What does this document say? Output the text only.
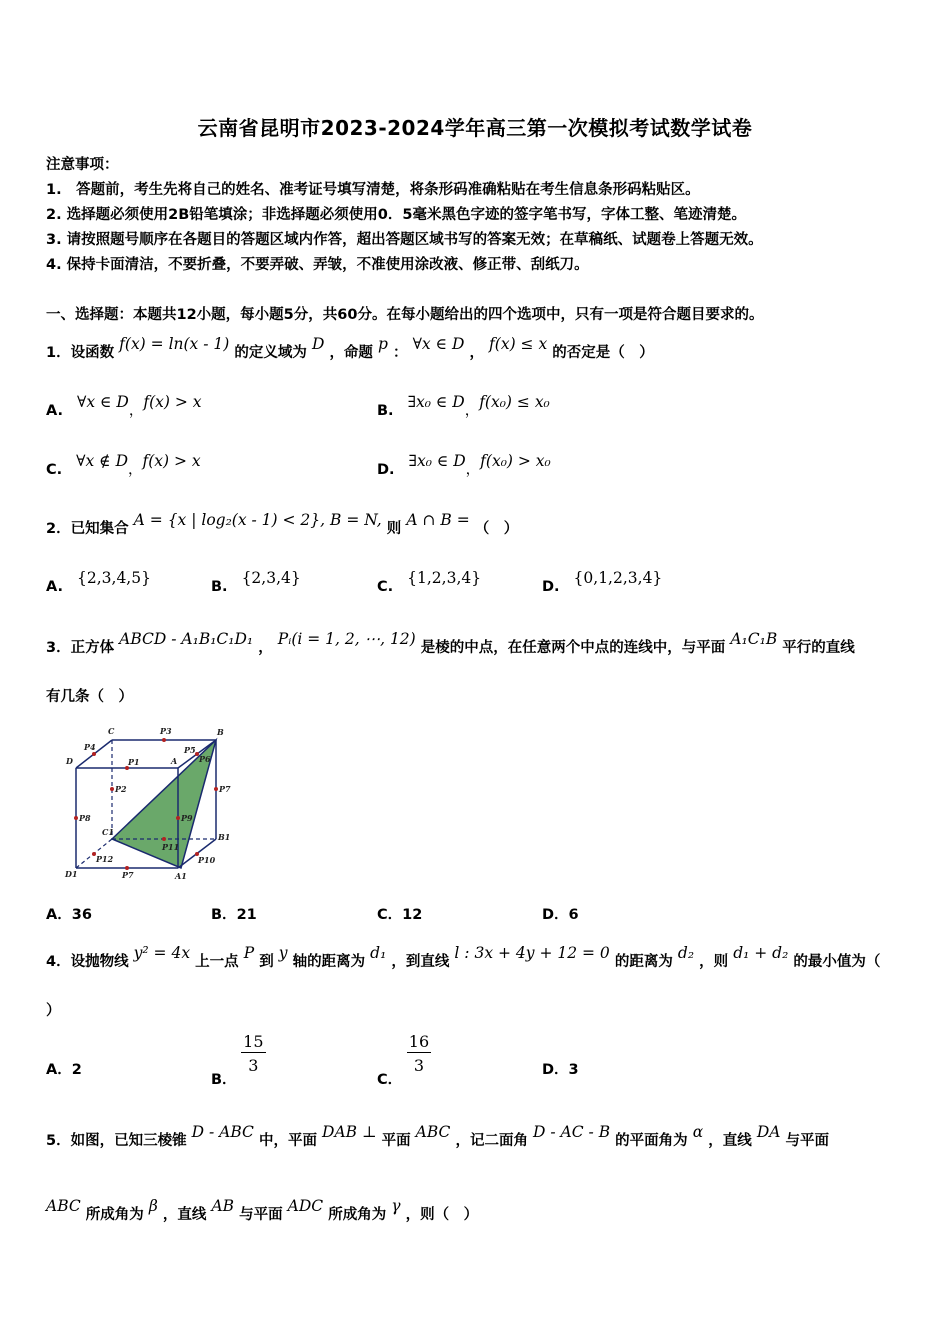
云南省昆明市2023-2024学年高三第一次模拟考试数学试卷
注意事项：
1.　答题前，考生先将自己的姓名、准考证号填写清楚，将条形码准确粘贴在考生信息条形码粘贴区。
2. 选择题必须使用2B铅笔填涂；非选择题必须使用0．5毫米黑色字迹的签字笔书写，字体工整、笔迹清楚。
3. 请按照题号顺序在各题目的答题区域内作答，超出答题区域书写的答案无效；在草稿纸、试题卷上答题无效。
4. 保持卡面清洁，不要折叠，不要弄破、弄皱，不准使用涂改液、修正带、刮纸刀。
一、选择题：本题共12小题，每小题5分，共60分。在每小题给出的四个选项中，只有一项是符合题目要求的。
1．设函数 f(x) = ln(x - 1) 的定义域为 D ，命题 p ： ∀x ∈ D ， f(x) ≤ x 的否定是（　）
A. ∀x ∈ D，f(x) > x	B. ∃x₀ ∈ D，f(x₀) ≤ x₀
C. ∀x ∉ D，f(x) > x	D. ∃x₀ ∈ D，f(x₀) > x₀
2．已知集合 A = {x | log₂(x - 1) < 2}, B = N, 则 A ∩ B = （　）
A. {2,3,4,5}	B. {2,3,4}	C. {1,2,3,4}	D. {0,1,2,3,4}
3．正方体 ABCD - A₁B₁C₁D₁ ， Pᵢ(i = 1, 2, ⋯, 12) 是棱的中点，在任意两个中点的连线中，与平面 A₁C₁B 平行的直线
有几条（　）
C	P3	B
P5
P4
P6
D	A
P1
P2	P7
P8	P9
C1	B1
P11
P12	P10
D1	P7	A1
A．36	B．21	C．12	D．6
4．设抛物线 y² = 4x 上一点 P 到 y 轴的距离为 d₁ ，到直线 l : 3x + 4y + 12 = 0 的距离为 d₂ ，则 d₁ + d₂ 的最小值为（
）
A．2
B．
$\frac{15}{3}$
C．
$\frac{16}{3}$	D．3
5．如图，已知三棱锥 D - ABC 中，平面 DAB ⊥ 平面 ABC ，记二面角 D - AC - B 的平面角为 α ，直线 DA 与平面
ABC 所成角为 β ，直线 AB 与平面 ADC 所成角为 γ ，则（　）
